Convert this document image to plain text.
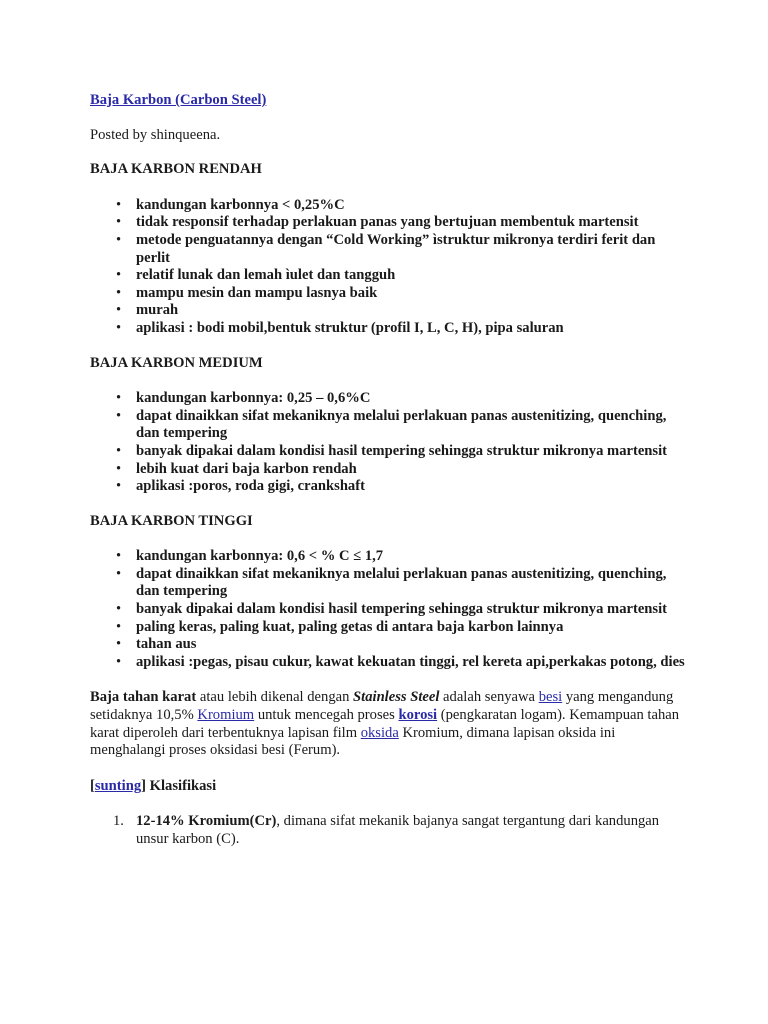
Baja Karbon (Carbon Steel)

Posted by shinqueena.

BAJA KARBON RENDAH

• kandungan karbonnya < 0,25%C
• tidak responsif terhadap perlakuan panas yang bertujuan membentuk martensit
• metode penguatannya dengan “Cold Working” ìstruktur mikronya terdiri ferit dan perlit
• relatif lunak dan lemah ìulet dan tangguh
• mampu mesin dan mampu lasnya baik
• murah
• aplikasi : bodi mobil,bentuk struktur (profil I, L, C, H), pipa saluran

BAJA KARBON MEDIUM

• kandungan karbonnya: 0,25 – 0,6%C
• dapat dinaikkan sifat mekaniknya melalui perlakuan panas austenitizing, quenching, dan tempering
• banyak dipakai dalam kondisi hasil tempering sehingga struktur mikronya martensit
• lebih kuat dari baja karbon rendah
• aplikasi :poros, roda gigi, crankshaft

BAJA KARBON TINGGI

• kandungan karbonnya: 0,6 < % C ≤ 1,7
• dapat dinaikkan sifat mekaniknya melalui perlakuan panas austenitizing, quenching, dan tempering
• banyak dipakai dalam kondisi hasil tempering sehingga struktur mikronya martensit
• paling keras, paling kuat, paling getas di antara baja karbon lainnya
• tahan aus
• aplikasi :pegas, pisau cukur, kawat kekuatan tinggi, rel kereta api,perkakas potong, dies

Baja tahan karat atau lebih dikenal dengan Stainless Steel adalah senyawa besi yang mengandung setidaknya 10,5% Kromium untuk mencegah proses korosi (pengkaratan logam). Kemampuan tahan karat diperoleh dari terbentuknya lapisan film oksida Kromium, dimana lapisan oksida ini menghalangi proses oksidasi besi (Ferum).

[sunting] Klasifikasi

1. 12-14% Kromium(Cr), dimana sifat mekanik bajanya sangat tergantung dari kandungan unsur karbon (C).
